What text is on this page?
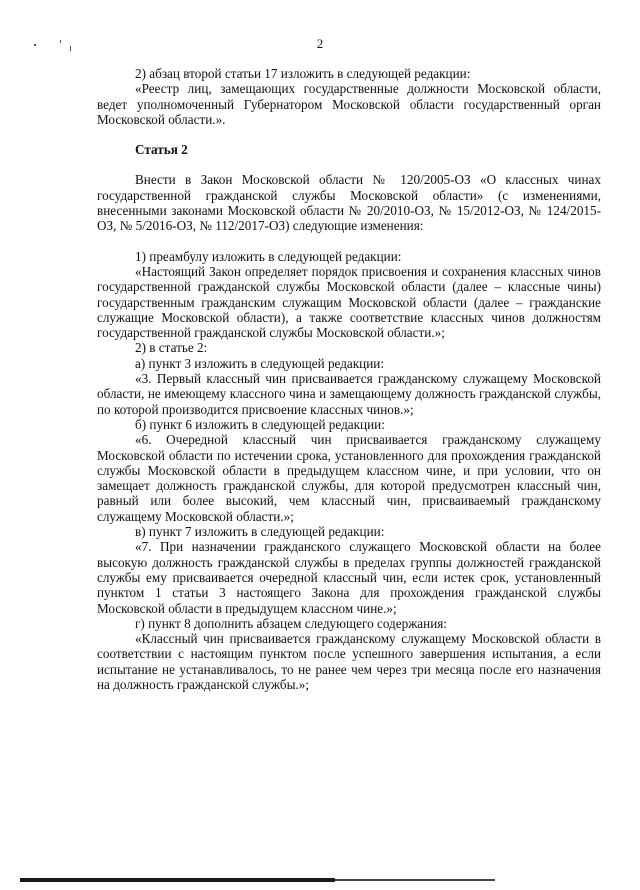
2

2) абзац второй статьи 17 изложить в следующей редакции:

«Реестр лиц, замещающих государственные должности Московской области, ведет уполномоченный Губернатором Московской области государственный орган Московской области.».

Статья 2

Внести в Закон Московской области № 120/2005-ОЗ «О классных чинах государственной гражданской службы Московской области» (с изменениями, внесенными законами Московской области № 20/2010-ОЗ, № 15/2012-ОЗ, № 124/2015-ОЗ, № 5/2016-ОЗ, № 112/2017-ОЗ) следующие изменения:

1) преамбулу изложить в следующей редакции:

«Настоящий Закон определяет порядок присвоения и сохранения классных чинов государственной гражданской службы Московской области (далее – классные чины) государственным гражданским служащим Московской области (далее – гражданские служащие Московской области), а также соответствие классных чинов должностям государственной гражданской службы Московской области.»;

2) в статье 2:

а) пункт 3 изложить в следующей редакции:

«3. Первый классный чин присваивается гражданскому служащему Московской области, не имеющему классного чина и замещающему должность гражданской службы, по которой производится присвоение классных чинов.»;

б) пункт 6 изложить в следующей редакции:

«6. Очередной классный чин присваивается гражданскому служащему Московской области по истечении срока, установленного для прохождения гражданской службы Московской области в предыдущем классном чине, и при условии, что он замещает должность гражданской службы, для которой предусмотрен классный чин, равный или более высокий, чем классный чин, присваиваемый гражданскому служащему Московской области.»;

в) пункт 7 изложить в следующей редакции:

«7. При назначении гражданского служащего Московской области на более высокую должность гражданской службы в пределах группы должностей гражданской службы ему присваивается очередной классный чин, если истек срок, установленный пунктом 1 статьи 3 настоящего Закона для прохождения гражданской службы Московской области в предыдущем классном чине.»;

г) пункт 8 дополнить абзацем следующего содержания:

«Классный чин присваивается гражданскому служащему Московской области в соответствии с настоящим пунктом после успешного завершения испытания, а если испытание не устанавливалось, то не ранее чем через три месяца после его назначения на должность гражданской службы.»;
